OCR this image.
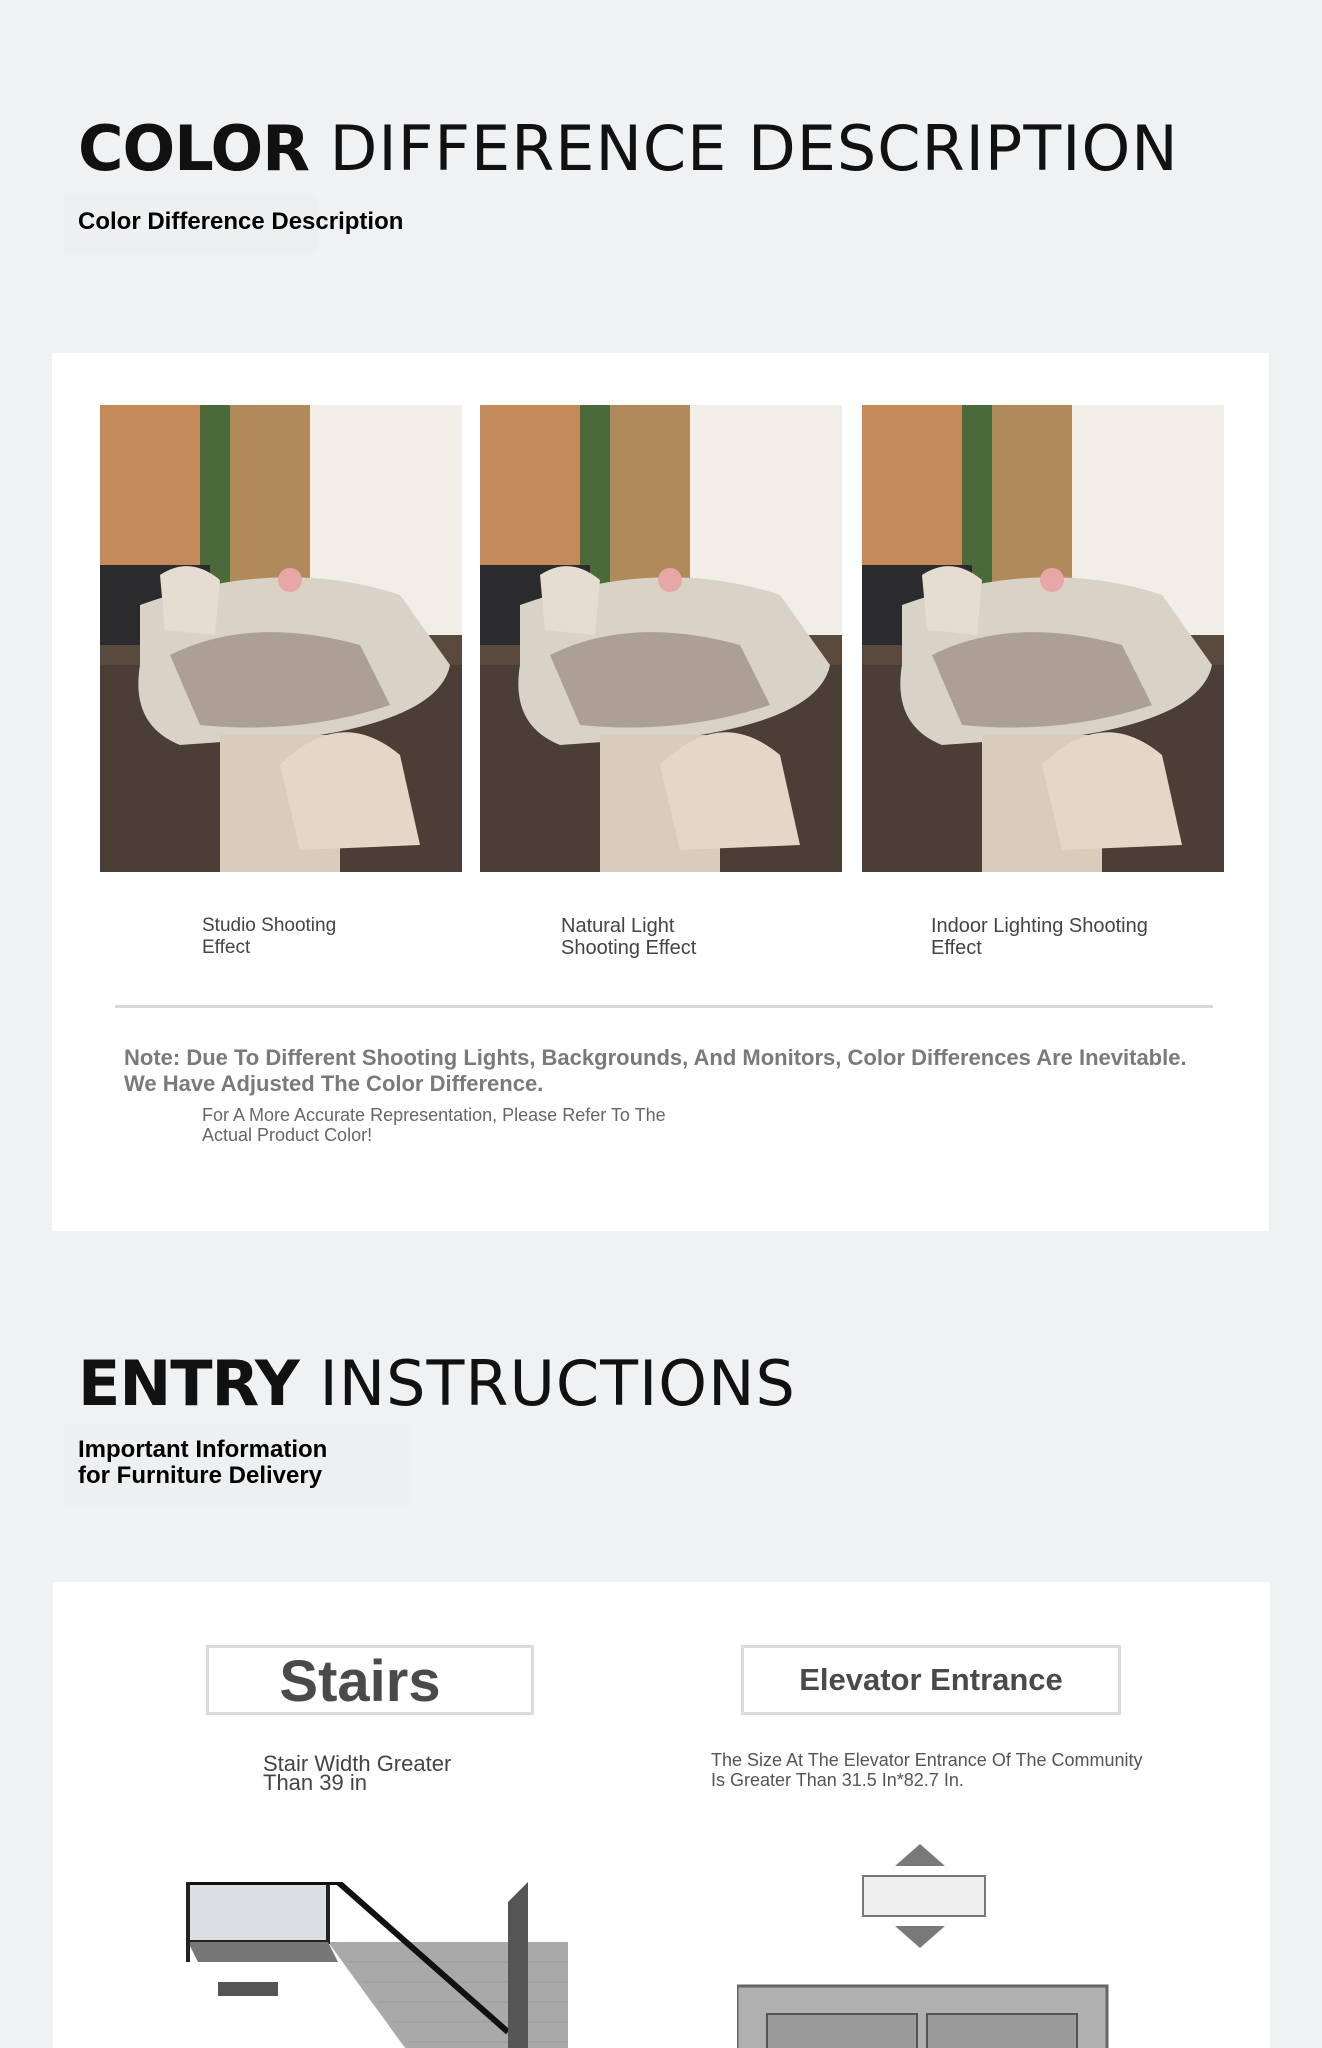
COLOR DIFFERENCE DESCRIPTION
Color Difference Description
Studio Shooting Effect
Natural Light Shooting Effect
Indoor Lighting Shooting Effect
Note: Due To Different Shooting Lights, Backgrounds, And Monitors, Color Differences Are Inevitable.
We Have Adjusted The Color Difference.
For A More Accurate Representation, Please Refer To The
Actual Product Color!
ENTRY INSTRUCTIONS
Important Information
for Furniture Delivery
Stairs
Stair Width Greater
Than 39 in
Elevator Entrance
The Size At The Elevator Entrance Of The Community
Is Greater Than 31.5 In*82.7 In.
